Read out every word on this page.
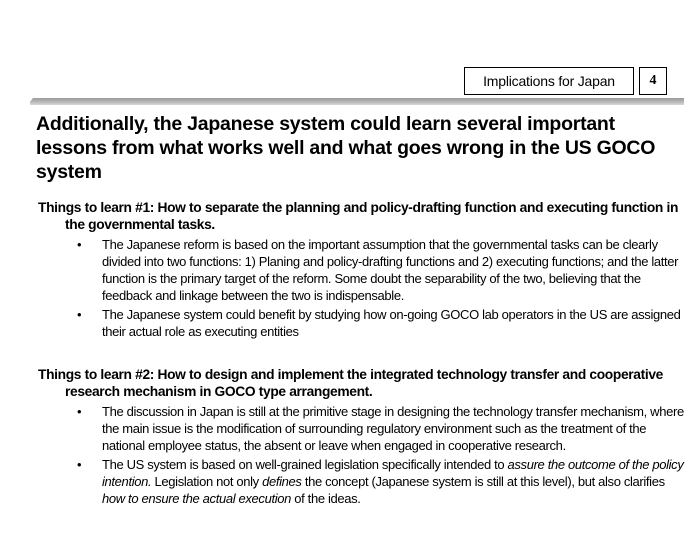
Implications for Japan 4
Additionally, the Japanese system could learn several important lessons from what works well and what goes wrong in the US GOCO system
Things to learn #1: How to separate the planning and policy-drafting function and executing function in the governmental tasks.
• The Japanese reform is based on the important assumption that the governmental tasks can be clearly divided into two functions: 1) Planing and policy-drafting functions and 2) executing functions; and the latter function is the primary target of the reform. Some doubt the separability of the two, believing that the feedback and linkage between the two is indispensable.
• The Japanese system could benefit by studying how on-going GOCO lab operators in the US are assigned their actual role as executing entities
Things to learn #2: How to design and implement the integrated technology transfer and cooperative research mechanism in GOCO type arrangement.
• The discussion in Japan is still at the primitive stage in designing the technology transfer mechanism, where the main issue is the modification of surrounding regulatory environment such as the treatment of the national employee status, the absent or leave when engaged in cooperative research.
• The US system is based on well-grained legislation specifically intended to assure the outcome of the policy intention. Legislation not only defines the concept (Japanese system is still at this level), but also clarifies how to ensure the actual execution of the ideas.
